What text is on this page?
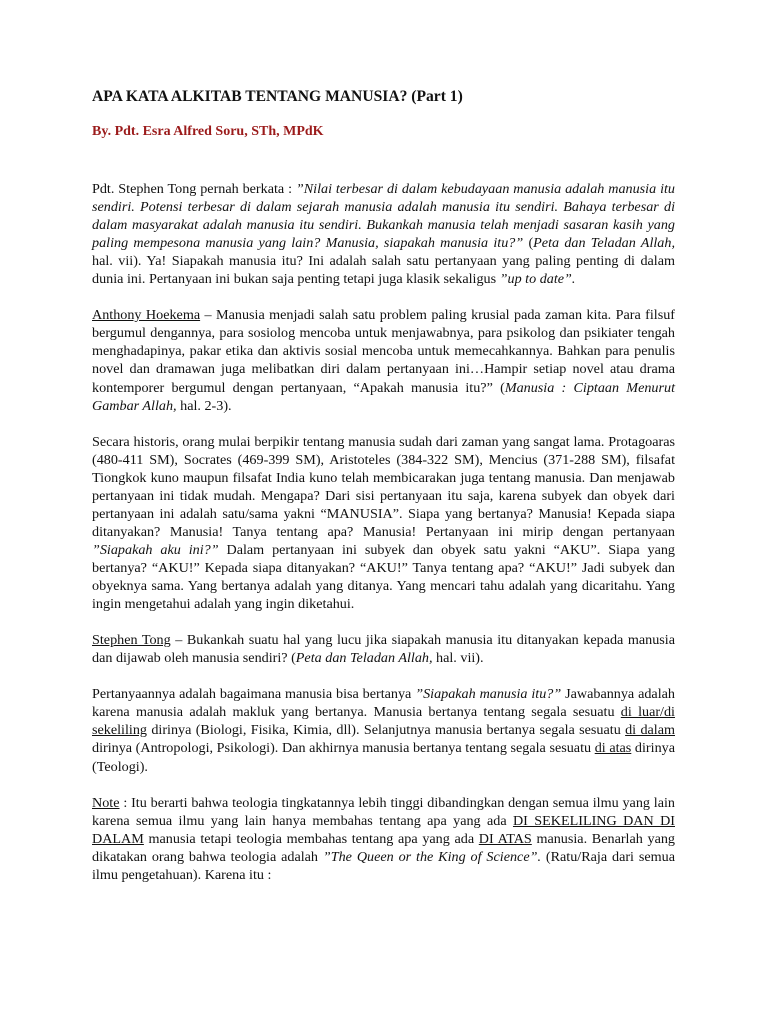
APA KATA ALKITAB TENTANG MANUSIA? (Part 1)
By. Pdt. Esra Alfred Soru, STh, MPdK

Pdt. Stephen Tong pernah berkata : ”Nilai terbesar di dalam kebudayaan manusia adalah manusia itu sendiri. Potensi terbesar di dalam sejarah manusia adalah manusia itu sendiri. Bahaya terbesar di dalam masyarakat adalah manusia itu sendiri. Bukankah manusia telah menjadi sasaran kasih yang paling mempesona manusia yang lain? Manusia, siapakah manusia itu?” (Peta dan Teladan Allah, hal. vii). Ya! Siapakah manusia itu? Ini adalah salah satu pertanyaan yang paling penting di dalam dunia ini. Pertanyaan ini bukan saja penting tetapi juga klasik sekaligus ”up to date”.

Anthony Hoekema – Manusia menjadi salah satu problem paling krusial pada zaman kita. Para filsuf bergumul dengannya, para sosiolog mencoba untuk menjawabnya, para psikolog dan psikiater tengah menghadapinya, pakar etika dan aktivis sosial mencoba untuk memecahkannya. Bahkan para penulis novel dan dramawan juga melibatkan diri dalam pertanyaan ini…Hampir setiap novel atau drama kontemporer bergumul dengan pertanyaan, “Apakah manusia itu?” (Manusia : Ciptaan Menurut Gambar Allah, hal. 2-3).

Secara historis, orang mulai berpikir tentang manusia sudah dari zaman yang sangat lama. Protagoaras (480-411 SM), Socrates (469-399 SM), Aristoteles (384-322 SM), Mencius (371-288 SM), filsafat Tiongkok kuno maupun filsafat India kuno telah membicarakan juga tentang manusia. Dan menjawab pertanyaan ini tidak mudah. Mengapa? Dari sisi pertanyaan itu saja, karena subyek dan obyek dari pertanyaan ini adalah satu/sama yakni “MANUSIA”. Siapa yang bertanya? Manusia! Kepada siapa ditanyakan? Manusia! Tanya tentang apa? Manusia! Pertanyaan ini mirip dengan pertanyaan ”Siapakah aku ini?” Dalam pertanyaan ini subyek dan obyek satu yakni “AKU”. Siapa yang bertanya? “AKU!” Kepada siapa ditanyakan? “AKU!” Tanya tentang apa? “AKU!” Jadi subyek dan obyeknya sama. Yang bertanya adalah yang ditanya. Yang mencari tahu adalah yang dicaritahu. Yang ingin mengetahui adalah yang ingin diketahui.

Stephen Tong – Bukankah suatu hal yang lucu jika siapakah manusia itu ditanyakan kepada manusia dan dijawab oleh manusia sendiri? (Peta dan Teladan Allah, hal. vii).

Pertanyaannya adalah bagaimana manusia bisa bertanya ”Siapakah manusia itu?” Jawabannya adalah karena manusia adalah makluk yang bertanya. Manusia bertanya tentang segala sesuatu di luar/di sekeliling dirinya (Biologi, Fisika, Kimia, dll). Selanjutnya manusia bertanya segala sesuatu di dalam dirinya (Antropologi, Psikologi). Dan akhirnya manusia bertanya tentang segala sesuatu di atas dirinya (Teologi).

Note : Itu berarti bahwa teologia tingkatannya lebih tinggi dibandingkan dengan semua ilmu yang lain karena semua ilmu yang lain hanya membahas tentang apa yang ada DI SEKELILING DAN DI DALAM manusia tetapi teologia membahas tentang apa yang ada DI ATAS manusia. Benarlah yang dikatakan orang bahwa teologia adalah ”The Queen or the King of Science”. (Ratu/Raja dari semua ilmu pengetahuan). Karena itu :
